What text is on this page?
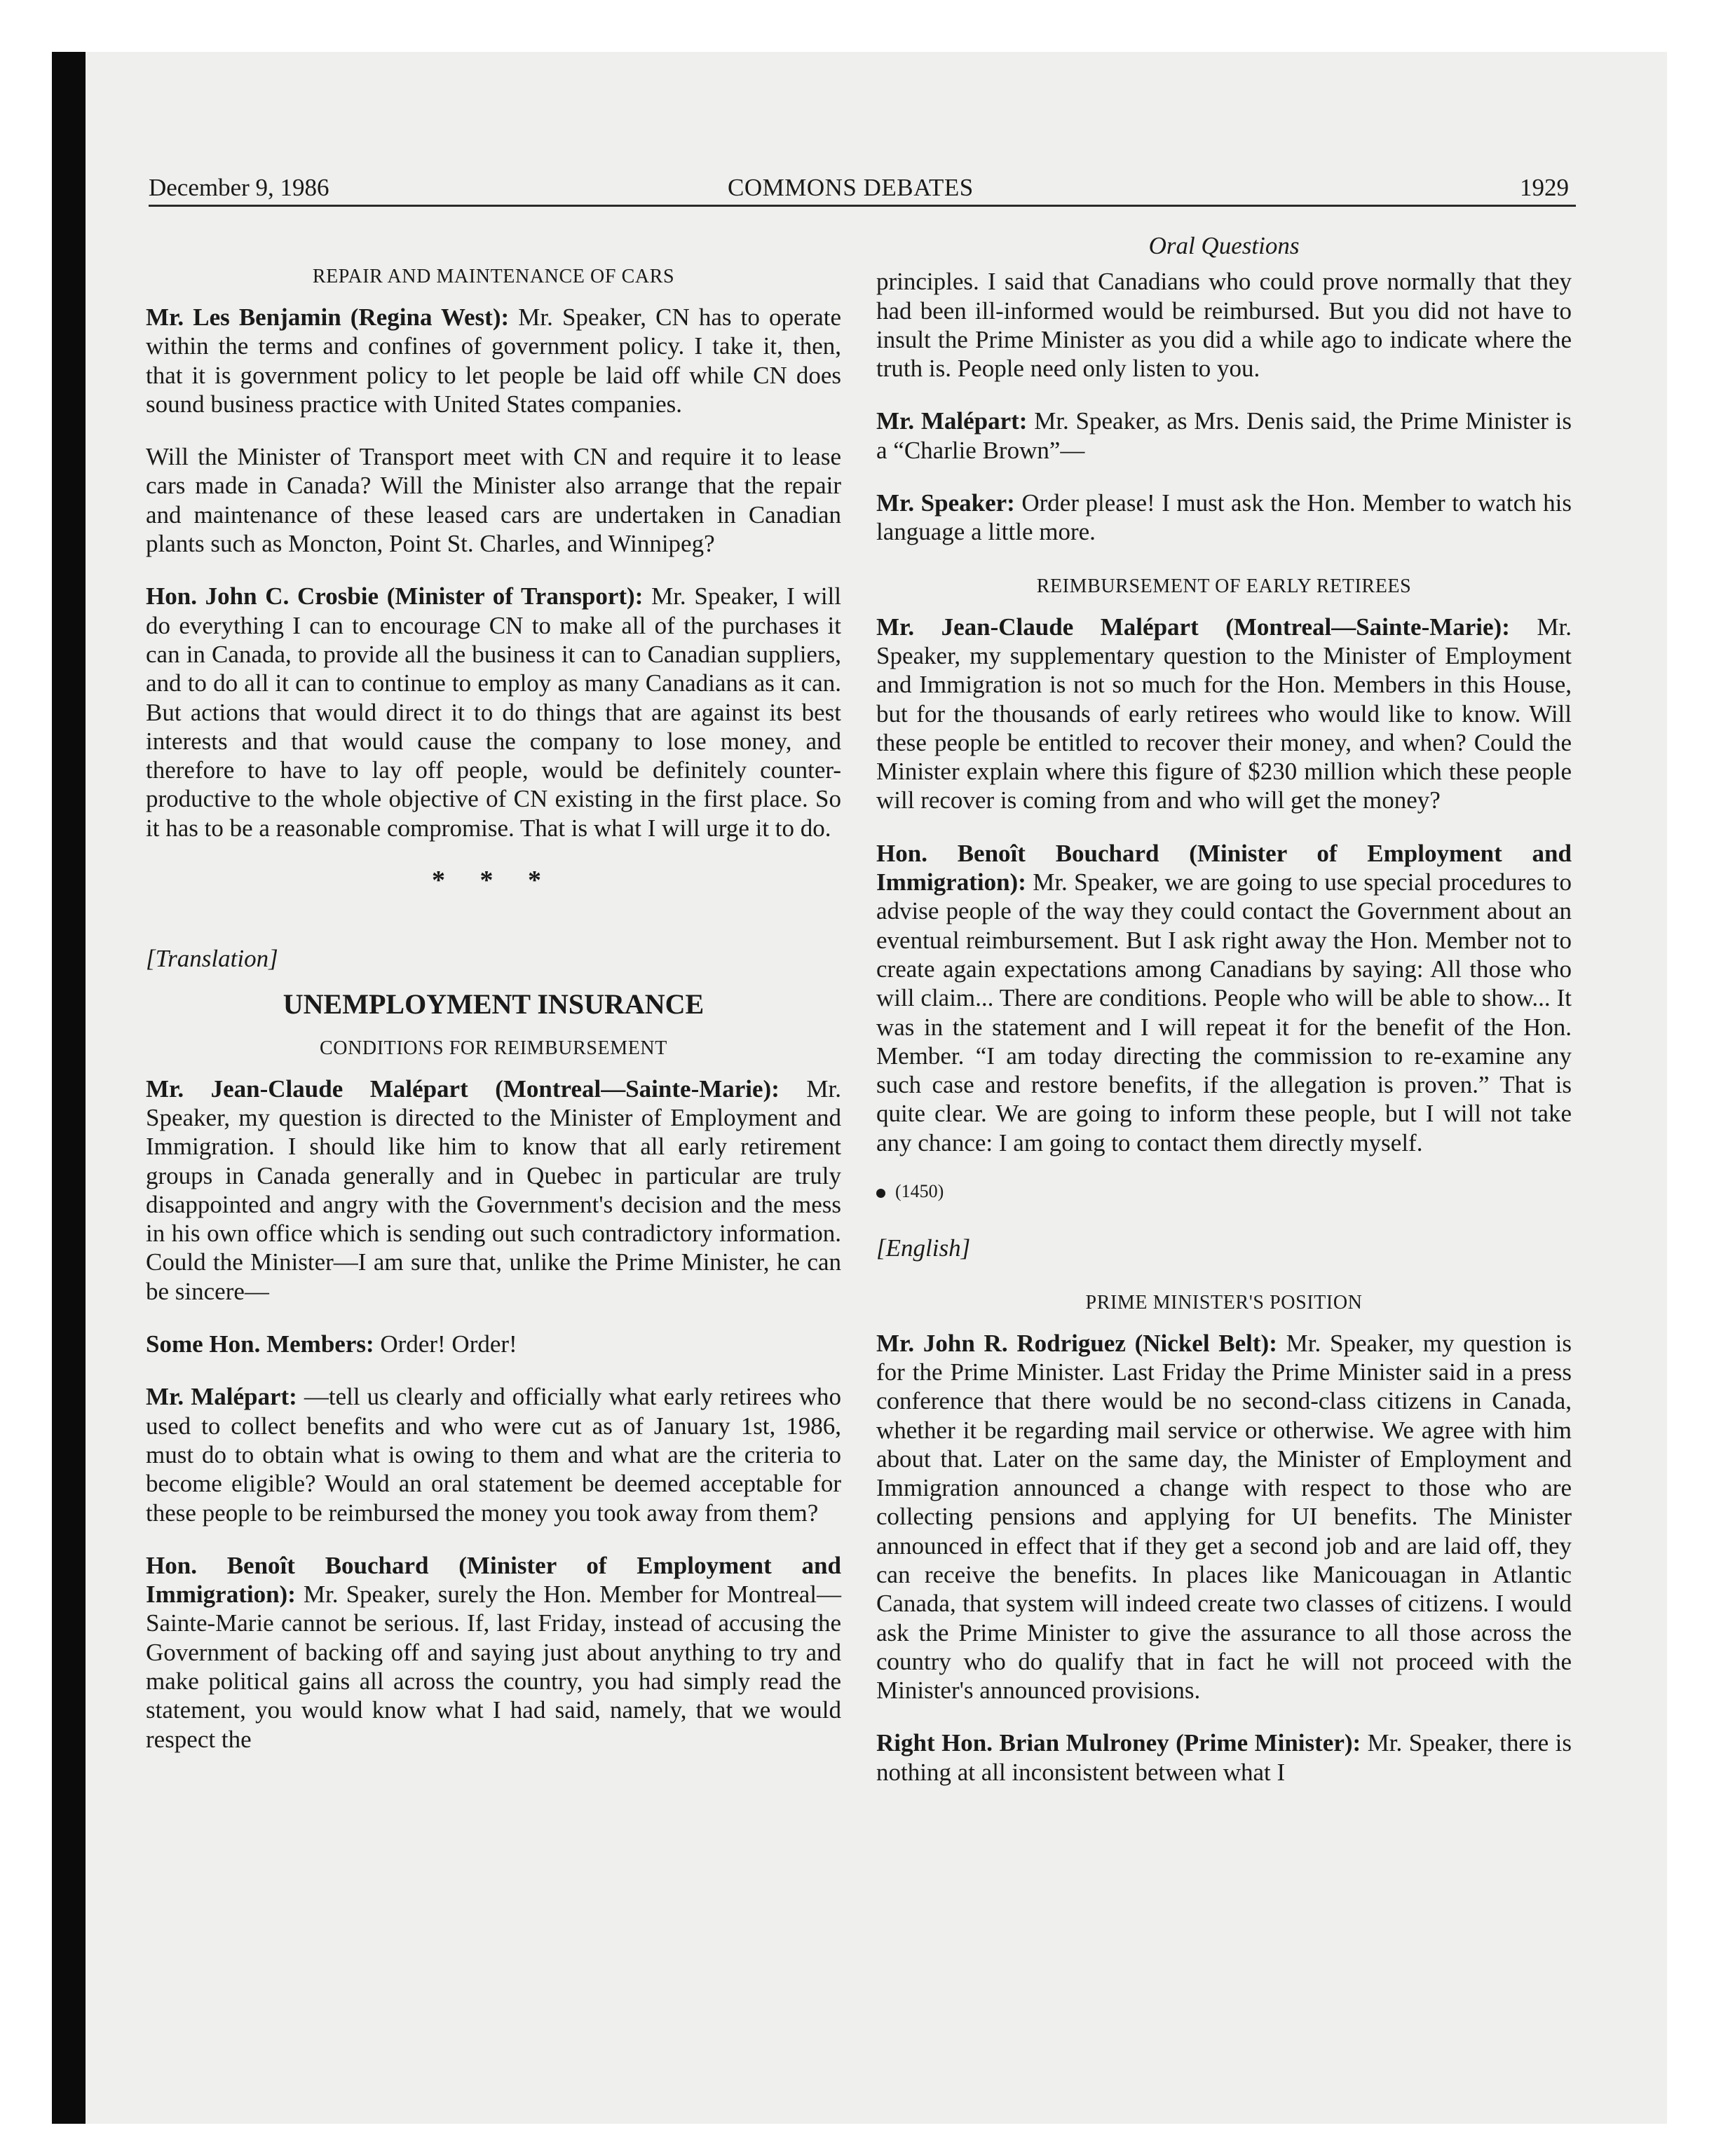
December 9, 1986	COMMONS DEBATES	1929
REPAIR AND MAINTENANCE OF CARS

Mr. Les Benjamin (Regina West): Mr. Speaker, CN has to operate within the terms and confines of government policy. I take it, then, that it is government policy to let people be laid off while CN does sound business practice with United States companies.

Will the Minister of Transport meet with CN and require it to lease cars made in Canada? Will the Minister also arrange that the repair and maintenance of these leased cars are undertaken in Canadian plants such as Moncton, Point St. Charles, and Winnipeg?

Hon. John C. Crosbie (Minister of Transport): Mr. Speaker, I will do everything I can to encourage CN to make all of the purchases it can in Canada, to provide all the business it can to Canadian suppliers, and to do all it can to continue to employ as many Canadians as it can. But actions that would direct it to do things that are against its best interests and that would cause the company to lose money, and therefore to have to lay off people, would be definitely counter-productive to the whole objective of CN existing in the first place. So it has to be a reasonable compromise. That is what I will urge it to do.

* * *
[Translation]
UNEMPLOYMENT INSURANCE
CONDITIONS FOR REIMBURSEMENT

Mr. Jean-Claude Malépart (Montreal—Sainte-Marie): Mr. Speaker, my question is directed to the Minister of Employment and Immigration. I should like him to know that all early retirement groups in Canada generally and in Quebec in particular are truly disappointed and angry with the Government's decision and the mess in his own office which is sending out such contradictory information. Could the Minister—I am sure that, unlike the Prime Minister, he can be sincere—

Some Hon. Members: Order! Order!

Mr. Malépart: —tell us clearly and officially what early retirees who used to collect benefits and who were cut as of January 1st, 1986, must do to obtain what is owing to them and what are the criteria to become eligible? Would an oral statement be deemed acceptable for these people to be reimbursed the money you took away from them?

Hon. Benoît Bouchard (Minister of Employment and Immigration): Mr. Speaker, surely the Hon. Member for Montreal—Sainte-Marie cannot be serious. If, last Friday, instead of accusing the Government of backing off and saying just about anything to try and make political gains all across the country, you had simply read the statement, you would know what I had said, namely, that we would respect the

Oral Questions

principles. I said that Canadians who could prove normally that they had been ill-informed would be reimbursed. But you did not have to insult the Prime Minister as you did a while ago to indicate where the truth is. People need only listen to you.

Mr. Malépart: Mr. Speaker, as Mrs. Denis said, the Prime Minister is a “Charlie Brown”—

Mr. Speaker: Order please! I must ask the Hon. Member to watch his language a little more.

REIMBURSEMENT OF EARLY RETIREES

Mr. Jean-Claude Malépart (Montreal—Sainte-Marie): Mr. Speaker, my supplementary question to the Minister of Employment and Immigration is not so much for the Hon. Members in this House, but for the thousands of early retirees who would like to know. Will these people be entitled to recover their money, and when? Could the Minister explain where this figure of $230 million which these people will recover is coming from and who will get the money?

Hon. Benoît Bouchard (Minister of Employment and Immigration): Mr. Speaker, we are going to use special procedures to advise people of the way they could contact the Government about an eventual reimbursement. But I ask right away the Hon. Member not to create again expectations among Canadians by saying: All those who will claim... There are conditions. People who will be able to show... It was in the statement and I will repeat it for the benefit of the Hon. Member. “I am today directing the commission to re-examine any such case and restore benefits, if the allegation is proven.” That is quite clear. We are going to inform these people, but I will not take any chance: I am going to contact them directly myself.

(1450)
[English]
PRIME MINISTER'S POSITION

Mr. John R. Rodriguez (Nickel Belt): Mr. Speaker, my question is for the Prime Minister. Last Friday the Prime Minister said in a press conference that there would be no second-class citizens in Canada, whether it be regarding mail service or otherwise. We agree with him about that. Later on the same day, the Minister of Employment and Immigration announced a change with respect to those who are collecting pensions and applying for UI benefits. The Minister announced in effect that if they get a second job and are laid off, they can receive the benefits. In places like Manicouagan in Atlantic Canada, that system will indeed create two classes of citizens. I would ask the Prime Minister to give the assurance to all those across the country who do qualify that in fact he will not proceed with the Minister's announced provisions.

Right Hon. Brian Mulroney (Prime Minister): Mr. Speaker, there is nothing at all inconsistent between what I
